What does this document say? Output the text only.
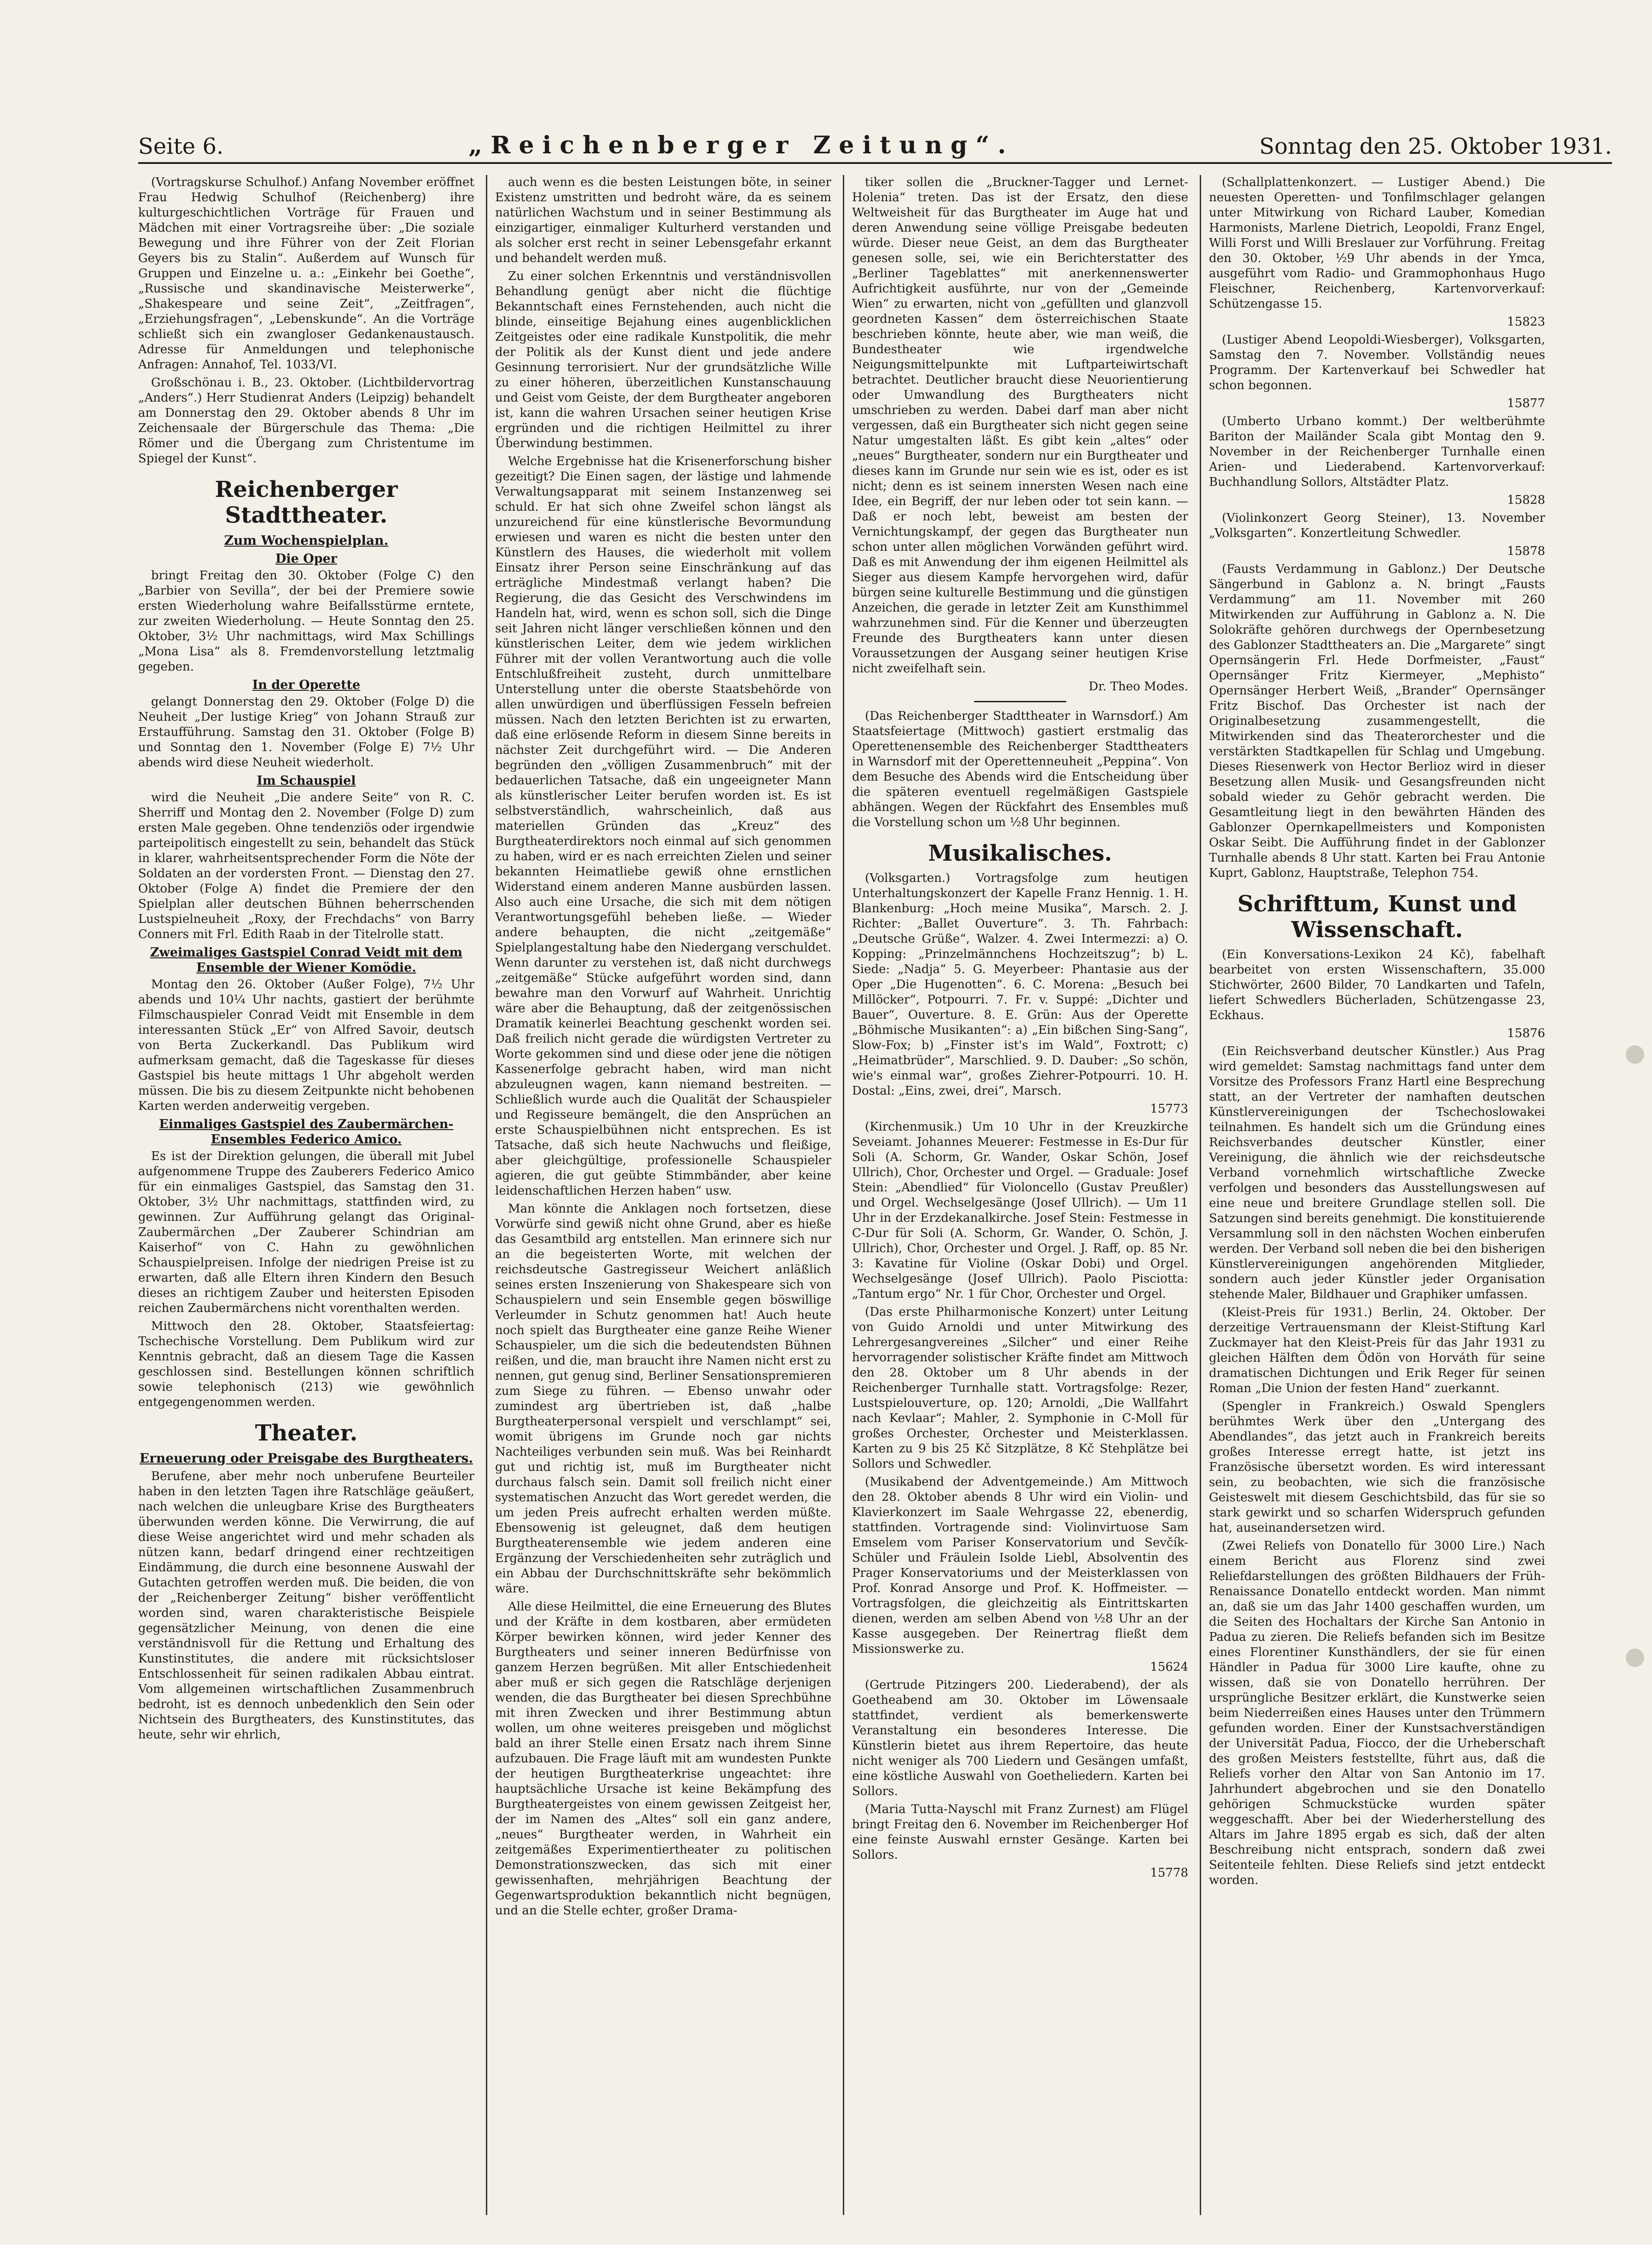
Seite 6.	„Reichenberger Zeitung“.	Sonntag den 25. Oktober 1931.

(Vortragskurse Schulhof.) Anfang November eröffnet Frau Hedwig Schulhof (Reichenberg) ihre kulturgeschichtlichen Vorträge für Frauen und Mädchen mit einer Vortragsreihe über: „Die soziale Bewegung und ihre Führer von der Zeit Florian Geyers bis zu Stalin“. Außerdem auf Wunsch für Gruppen und Einzelne u. a.: „Einkehr bei Goethe“, „Russische und skandinavische Meisterwerke“, „Shakespeare und seine Zeit“, „Zeitfragen“, „Erziehungsfragen“, „Lebenskunde“. An die Vorträge schließt sich ein zwangloser Gedankenaustausch. Adresse für Anmeldungen und telephonische Anfragen: Annahof, Tel. 1033/VI.

Großschönau i. B., 23. Oktober. (Lichtbildervortrag „Anders“.) Herr Studienrat Anders (Leipzig) behandelt am Donnerstag den 29. Oktober abends 8 Uhr im Zeichensaale der Bürgerschule das Thema: „Die Römer und die Übergang zum Christentume im Spiegel der Kunst“.

Reichenberger Stadttheater.
Zum Wochenspielplan.
Die Oper

bringt Freitag den 30. Oktober (Folge C) den „Barbier von Sevilla“, der bei der Premiere sowie ersten Wiederholung wahre Beifallsstürme erntete, zur zweiten Wiederholung. — Heute Sonntag den 25. Oktober, 3½ Uhr nachmittags, wird Max Schillings „Mona Lisa“ als 8. Fremdenvorstellung letztmalig gegeben.

In der Operette

gelangt Donnerstag den 29. Oktober (Folge D) die Neuheit „Der lustige Krieg“ von Johann Strauß zur Erstaufführung. Samstag den 31. Oktober (Folge B) und Sonntag den 1. November (Folge E) 7½ Uhr abends wird diese Neuheit wiederholt.

Im Schauspiel

wird die Neuheit „Die andere Seite“ von R. C. Sherriff und Montag den 2. November (Folge D) zum ersten Male gegeben. Ohne tendenziös oder irgendwie parteipolitisch eingestellt zu sein, behandelt das Stück in klarer, wahrheitsentsprechender Form die Nöte der Soldaten an der vordersten Front. — Dienstag den 27. Oktober (Folge A) findet die Premiere der den Spielplan aller deutschen Bühnen beherrschenden Lustspielneuheit „Roxy, der Frechdachs“ von Barry Conners mit Frl. Edith Raab in der Titelrolle statt.

Zweimaliges Gastspiel Conrad Veidt mit dem Ensemble der Wiener Komödie.

Montag den 26. Oktober (Außer Folge), 7½ Uhr abends und 10¼ Uhr nachts, gastiert der berühmte Filmschauspieler Conrad Veidt mit Ensemble in dem interessanten Stück „Er“ von Alfred Savoir, deutsch von Berta Zuckerkandl. Das Publikum wird aufmerksam gemacht, daß die Tageskasse für dieses Gastspiel bis heute mittags 1 Uhr abgeholt werden müssen. Die bis zu diesem Zeitpunkte nicht behobenen Karten werden anderweitig vergeben.

Einmaliges Gastspiel des Zaubermärchen-Ensembles Federico Amico.

Es ist der Direktion gelungen, die überall mit Jubel aufgenommene Truppe des Zauberers Federico Amico für ein einmaliges Gastspiel, das Samstag den 31. Oktober, 3½ Uhr nachmittags, stattfinden wird, zu gewinnen. Zur Aufführung gelangt das Original-Zaubermärchen „Der Zauberer Schindrian am Kaiserhof“ von C. Hahn zu gewöhnlichen Schauspielpreisen. Infolge der niedrigen Preise ist zu erwarten, daß alle Eltern ihren Kindern den Besuch dieses an richtigem Zauber und heitersten Episoden reichen Zaubermärchens nicht vorenthalten werden.

Mittwoch den 28. Oktober, Staatsfeiertag: Tschechische Vorstellung. Dem Publikum wird zur Kenntnis gebracht, daß an diesem Tage die Kassen geschlossen sind. Bestellungen können schriftlich sowie telephonisch (213) wie gewöhnlich entgegengenommen werden.

Theater.
Erneuerung oder Preisgabe des Burgtheaters.

Berufene, aber mehr noch unberufene Beurteiler haben in den letzten Tagen ihre Ratschläge geäußert, nach welchen die unleugbare Krise des Burgtheaters überwunden werden könne. Die Verwirrung, die auf diese Weise angerichtet wird und mehr schaden als nützen kann, bedarf dringend einer rechtzeitigen Eindämmung, die durch eine besonnene Auswahl der Gutachten getroffen werden muß. Die beiden, die von der „Reichenberger Zeitung“ bisher veröffentlicht worden sind, waren charakteristische Beispiele gegensätzlicher Meinung, von denen die eine verständnisvoll für die Rettung und Erhaltung des Kunstinstitutes, die andere mit rücksichtsloser Entschlossenheit für seinen radikalen Abbau eintrat. Vom allgemeinen wirtschaftlichen Zusammenbruch bedroht, ist es dennoch unbedenklich den Sein oder Nichtsein des Burgtheaters, des Kunstinstitutes, das heute, sehr wir ehrlich,

auch wenn es die besten Leistungen böte, in seiner Existenz umstritten und bedroht wäre, da es seinem natürlichen Wachstum und in seiner Bestimmung als einzigartiger, einmaliger Kulturherd verstanden und als solcher erst recht in seiner Lebensgefahr erkannt und behandelt werden muß.

Zu einer solchen Erkenntnis und verständnisvollen Behandlung genügt aber nicht die flüchtige Bekanntschaft eines Fernstehenden, auch nicht die blinde, einseitige Bejahung eines augenblicklichen Zeitgeistes oder eine radikale Kunstpolitik, die mehr der Politik als der Kunst dient und jede andere Gesinnung terrorisiert. Nur der grundsätzliche Wille zu einer höheren, überzeitlichen Kunstanschauung und Geist vom Geiste, der dem Burgtheater angeboren ist, kann die wahren Ursachen seiner heutigen Krise ergründen und die richtigen Heilmittel zu ihrer Überwindung bestimmen.

Welche Ergebnisse hat die Krisenerforschung bisher gezeitigt? Die Einen sagen, der lästige und lahmende Verwaltungsapparat mit seinem Instanzenweg sei schuld. Er hat sich ohne Zweifel schon längst als unzureichend für eine künstlerische Bevormundung erwiesen und waren es nicht die besten unter den Künstlern des Hauses, die wiederholt mit vollem Einsatz ihrer Person seine Einschränkung auf das erträgliche Mindestmaß verlangt haben? Die Regierung, die das Gesicht des Verschwindens im Handeln hat, wird, wenn es schon soll, sich die Dinge seit Jahren nicht länger verschließen können und den künstlerischen Leiter, dem wie jedem wirklichen Führer mit der vollen Verantwortung auch die volle Entschlußfreiheit zusteht, durch unmittelbare Unterstellung unter die oberste Staatsbehörde von allen unwürdigen und überflüssigen Fesseln befreien müssen. Nach den letzten Berichten ist zu erwarten, daß eine erlösende Reform in diesem Sinne bereits in nächster Zeit durchgeführt wird. — Die Anderen begründen den „völligen Zusammenbruch“ mit der bedauerlichen Tatsache, daß ein ungeeigneter Mann als künstlerischer Leiter berufen worden ist. Es ist selbstverständlich, wahrscheinlich, daß aus materiellen Gründen das „Kreuz“ des Burgtheaterdirektors noch einmal auf sich genommen zu haben, wird er es nach erreichten Zielen und seiner bekannten Heimatliebe gewiß ohne ernstlichen Widerstand einem anderen Manne ausbürden lassen. Also auch eine Ursache, die sich mit dem nötigen Verantwortungsgefühl beheben ließe. — Wieder andere behaupten, die nicht „zeitgemäße“ Spielplangestaltung habe den Niedergang verschuldet. Wenn darunter zu verstehen ist, daß nicht durchwegs „zeitgemäße“ Stücke aufgeführt worden sind, dann bewahre man den Vorwurf auf Wahrheit. Unrichtig wäre aber die Behauptung, daß der zeitgenössischen Dramatik keinerlei Beachtung geschenkt worden sei. Daß freilich nicht gerade die würdigsten Vertreter zu Worte gekommen sind und diese oder jene die nötigen Kassenerfolge gebracht haben, wird man nicht abzuleugnen wagen, kann niemand bestreiten. — Schließlich wurde auch die Qualität der Schauspieler und Regisseure bemängelt, die den Ansprüchen an erste Schauspielbühnen nicht entsprechen. Es ist Tatsache, daß sich heute Nachwuchs und fleißige, aber gleichgültige, professionelle Schauspieler agieren, die gut geübte Stimmbänder, aber keine leidenschaftlichen Herzen haben“ usw.

Man könnte die Anklagen noch fortsetzen, diese Vorwürfe sind gewiß nicht ohne Grund, aber es hieße das Gesamtbild arg entstellen. Man erinnere sich nur an die begeisterten Worte, mit welchen der reichsdeutsche Gastregisseur Weichert anläßlich seines ersten Inszenierung von Shakespeare sich von Schauspielern und sein Ensemble gegen böswillige Verleumder in Schutz genommen hat! Auch heute noch spielt das Burgtheater eine ganze Reihe Wiener Schauspieler, um die sich die bedeutendsten Bühnen reißen, und die, man braucht ihre Namen nicht erst zu nennen, gut genug sind, Berliner Sensationspremieren zum Siege zu führen. — Ebenso unwahr oder zumindest arg übertrieben ist, daß „halbe Burgtheaterpersonal verspielt und verschlampt“ sei, womit übrigens im Grunde noch gar nichts Nachteiliges verbunden sein muß. Was bei Reinhardt gut und richtig ist, muß im Burgtheater nicht durchaus falsch sein. Damit soll freilich nicht einer systematischen Anzucht das Wort geredet werden, die um jeden Preis aufrecht erhalten werden müßte. Ebensowenig ist geleugnet, daß dem heutigen Burgtheaterensemble wie jedem anderen eine Ergänzung der Verschiedenheiten sehr zuträglich und ein Abbau der Durchschnittskräfte sehr bekömmlich wäre.

Alle diese Heilmittel, die eine Erneuerung des Blutes und der Kräfte in dem kostbaren, aber ermüdeten Körper bewirken können, wird jeder Kenner des Burgtheaters und seiner inneren Bedürfnisse von ganzem Herzen begrüßen. Mit aller Entschiedenheit aber muß er sich gegen die Ratschläge derjenigen wenden, die das Burgtheater bei diesen Sprechbühne mit ihren Zwecken und ihrer Bestimmung abtun wollen, um ohne weiteres preisgeben und möglichst bald an ihrer Stelle einen Ersatz nach ihrem Sinne aufzubauen. Die Frage läuft mit am wundesten Punkte der heutigen Burgtheaterkrise ungeachtet: ihre hauptsächliche Ursache ist keine Bekämpfung des Burgtheatergeistes von einem gewissen Zeitgeist her, der im Namen des „Altes“ soll ein ganz andere, „neues“ Burgtheater werden, in Wahrheit ein zeitgemäßes Experimentiertheater zu politischen Demonstrationszwecken, das sich mit einer gewissenhaften, mehrjährigen Beachtung der Gegenwartsproduktion bekanntlich nicht begnügen, und an die Stelle echter, großer Drama-

tiker sollen die „Bruckner-Tagger und Lernet-Holenia“ treten. Das ist der Ersatz, den diese Weltweisheit für das Burgtheater im Auge hat und deren Anwendung seine völlige Preisgabe bedeuten würde. Dieser neue Geist, an dem das Burgtheater genesen solle, sei, wie ein Berichterstatter des „Berliner Tageblattes“ mit anerkennenswerter Aufrichtigkeit ausführte, nur von der „Gemeinde Wien“ zu erwarten, nicht von „gefüllten und glanzvoll geordneten Kassen“ dem österreichischen Staate beschrieben könnte, heute aber, wie man weiß, die Bundestheater wie irgendwelche Neigungsmittelpunkte mit Luftparteiwirtschaft betrachtet. Deutlicher braucht diese Neuorientierung oder Umwandlung des Burgtheaters nicht umschrieben zu werden. Dabei darf man aber nicht vergessen, daß ein Burgtheater sich nicht gegen seine Natur umgestalten läßt. Es gibt kein „altes“ oder „neues“ Burgtheater, sondern nur ein Burgtheater und dieses kann im Grunde nur sein wie es ist, oder es ist nicht; denn es ist seinem innersten Wesen nach eine Idee, ein Begriff, der nur leben oder tot sein kann. — Daß er noch lebt, beweist am besten der Vernichtungskampf, der gegen das Burgtheater nun schon unter allen möglichen Vorwänden geführt wird. Daß es mit Anwendung der ihm eigenen Heilmittel als Sieger aus diesem Kampfe hervorgehen wird, dafür bürgen seine kulturelle Bestimmung und die günstigen Anzeichen, die gerade in letzter Zeit am Kunsthimmel wahrzunehmen sind. Für die Kenner und überzeugten Freunde des Burgtheaters kann unter diesen Voraussetzungen der Ausgang seiner heutigen Krise nicht zweifelhaft sein.

Dr. Theo Modes.

(Das Reichenberger Stadttheater in Warnsdorf.) Am Staatsfeiertage (Mittwoch) gastiert erstmalig das Operettenensemble des Reichenberger Stadttheaters in Warnsdorf mit der Operettenneuheit „Peppina“. Von dem Besuche des Abends wird die Entscheidung über die späteren eventuell regelmäßigen Gastspiele abhängen. Wegen der Rückfahrt des Ensembles muß die Vorstellung schon um ½8 Uhr beginnen.

Musikalisches.

(Volksgarten.) Vortragsfolge zum heutigen Unterhaltungskonzert der Kapelle Franz Hennig. 1. H. Blankenburg: „Hoch meine Musika“, Marsch. 2. J. Richter: „Ballet Ouverture“. 3. Th. Fahrbach: „Deutsche Grüße“, Walzer. 4. Zwei Intermezzi: a) O. Kopping: „Prinzelmännchens Hochzeitszug“; b) L. Siede: „Nadja“ 5. G. Meyerbeer: Phantasie aus der Oper „Die Hugenotten“. 6. C. Morena: „Besuch bei Millöcker“, Potpourri. 7. Fr. v. Suppé: „Dichter und Bauer“, Ouverture. 8. E. Grün: Aus der Operette „Böhmische Musikanten“: a) „Ein bißchen Sing-Sang“, Slow-Fox; b) „Finster ist's im Wald“, Foxtrott; c) „Heimatbrüder“, Marschlied. 9. D. Dauber: „So schön, wie's einmal war“, großes Ziehrer-Potpourri. 10. H. Dostal: „Eins, zwei, drei“, Marsch.

15773

(Kirchenmusik.) Um 10 Uhr in der Kreuzkirche Seveiamt. Johannes Meuerer: Festmesse in Es-Dur für Soli (A. Schorm, Gr. Wander, Oskar Schön, Josef Ullrich), Chor, Orchester und Orgel. — Graduale: Josef Stein: „Abendlied“ für Violoncello (Gustav Preußler) und Orgel. Wechselgesänge (Josef Ullrich). — Um 11 Uhr in der Erzdekanalkirche. Josef Stein: Festmesse in C-Dur für Soli (A. Schorm, Gr. Wander, O. Schön, J. Ullrich), Chor, Orchester und Orgel. J. Raff, op. 85 Nr. 3: Kavatine für Violine (Oskar Dobi) und Orgel. Wechselgesänge (Josef Ullrich). Paolo Pisciotta: „Tantum ergo“ Nr. 1 für Chor, Orchester und Orgel.

(Das erste Philharmonische Konzert) unter Leitung von Guido Arnoldi und unter Mitwirkung des Lehrergesangvereines „Silcher“ und einer Reihe hervorragender solistischer Kräfte findet am Mittwoch den 28. Oktober um 8 Uhr abends in der Reichenberger Turnhalle statt. Vortragsfolge: Rezer, Lustspielouverture, op. 120; Arnoldi, „Die Wallfahrt nach Kevlaar“; Mahler, 2. Symphonie in C-Moll für großes Orchester, Orchester und Meisterklassen. Karten zu 9 bis 25 Kč Sitzplätze, 8 Kč Stehplätze bei Sollors und Schwedler.

(Musikabend der Adventgemeinde.) Am Mittwoch den 28. Oktober abends 8 Uhr wird ein Violin- und Klavierkonzert im Saale Wehrgasse 22, ebenerdig, stattfinden. Vortragende sind: Violinvirtuose Sam Emselem vom Pariser Konservatorium und Sevčík-Schüler und Fräulein Isolde Liebl, Absolventin des Prager Konservatoriums und der Meisterklassen von Prof. Konrad Ansorge und Prof. K. Hoffmeister. — Vortragsfolgen, die gleichzeitig als Eintrittskarten dienen, werden am selben Abend von ½8 Uhr an der Kasse ausgegeben. Der Reinertrag fließt dem Missionswerke zu.

15624

(Gertrude Pitzingers 200. Liederabend), der als Goetheabend am 30. Oktober im Löwensaale stattfindet, verdient als bemerkenswerte Veranstaltung ein besonderes Interesse. Die Künstlerin bietet aus ihrem Repertoire, das heute nicht weniger als 700 Liedern und Gesängen umfaßt, eine köstliche Auswahl von Goetheliedern. Karten bei Sollors.

(Maria Tutta-Nayschl mit Franz Zurnest) am Flügel bringt Freitag den 6. November im Reichenberger Hof eine feinste Auswahl ernster Gesänge. Karten bei Sollors.

15778

(Schallplattenkonzert. — Lustiger Abend.) Die neuesten Operetten- und Tonfilmschlager gelangen unter Mitwirkung von Richard Lauber, Komedian Harmonists, Marlene Dietrich, Leopoldi, Franz Engel, Willi Forst und Willi Breslauer zur Vorführung. Freitag den 30. Oktober, ½9 Uhr abends in der Ymca, ausgeführt vom Radio- und Grammophonhaus Hugo Fleischner, Reichenberg, Kartenvorverkauf: Schützengasse 15.

15823

(Lustiger Abend Leopoldi-Wiesberger), Volksgarten, Samstag den 7. November. Vollständig neues Programm. Der Kartenverkauf bei Schwedler hat schon begonnen.

15877

(Umberto Urbano kommt.) Der weltberühmte Bariton der Mailänder Scala gibt Montag den 9. November in der Reichenberger Turnhalle einen Arien- und Liederabend. Kartenvorverkauf: Buchhandlung Sollors, Altstädter Platz.

15828

(Violinkonzert Georg Steiner), 13. November „Volksgarten“. Konzertleitung Schwedler.

15878

(Fausts Verdammung in Gablonz.) Der Deutsche Sängerbund in Gablonz a. N. bringt „Fausts Verdammung“ am 11. November mit 260 Mitwirkenden zur Aufführung in Gablonz a. N. Die Solokräfte gehören durchwegs der Opernbesetzung des Gablonzer Stadttheaters an. Die „Margarete“ singt Opernsängerin Frl. Hede Dorfmeister, „Faust“ Opernsänger Fritz Kiermeyer, „Mephisto“ Opernsänger Herbert Weiß, „Brander“ Opernsänger Fritz Bischof. Das Orchester ist nach der Originalbesetzung zusammengestellt, die Mitwirkenden sind das Theaterorchester und die verstärkten Stadtkapellen für Schlag und Umgebung. Dieses Riesenwerk von Hector Berlioz wird in dieser Besetzung allen Musik- und Gesangsfreunden nicht sobald wieder zu Gehör gebracht werden. Die Gesamtleitung liegt in den bewährten Händen des Gablonzer Opernkapellmeisters und Komponisten Oskar Seibt. Die Aufführung findet in der Gablonzer Turnhalle abends 8 Uhr statt. Karten bei Frau Antonie Kuprt, Gablonz, Hauptstraße, Telephon 754.

Schrifttum, Kunst und Wissenschaft.

(Ein Konversations-Lexikon 24 Kč), fabelhaft bearbeitet von ersten Wissenschaftern, 35.000 Stichwörter, 2600 Bilder, 70 Landkarten und Tafeln, liefert Schwedlers Bücherladen, Schützengasse 23, Eckhaus.

15876

(Ein Reichsverband deutscher Künstler.) Aus Prag wird gemeldet: Samstag nachmittags fand unter dem Vorsitze des Professors Franz Hartl eine Besprechung statt, an der Vertreter der namhaften deutschen Künstlervereinigungen der Tschechoslowakei teilnahmen. Es handelt sich um die Gründung eines Reichsverbandes deutscher Künstler, einer Vereinigung, die ähnlich wie der reichsdeutsche Verband vornehmlich wirtschaftliche Zwecke verfolgen und besonders das Ausstellungswesen auf eine neue und breitere Grundlage stellen soll. Die Satzungen sind bereits genehmigt. Die konstituierende Versammlung soll in den nächsten Wochen einberufen werden. Der Verband soll neben die bei den bisherigen Künstlervereinigungen angehörenden Mitglieder, sondern auch jeder Künstler jeder Organisation stehende Maler, Bildhauer und Graphiker umfassen.

(Kleist-Preis für 1931.) Berlin, 24. Oktober. Der derzeitige Vertrauensmann der Kleist-Stiftung Karl Zuckmayer hat den Kleist-Preis für das Jahr 1931 zu gleichen Hälften dem Ödön von Horváth für seine dramatischen Dichtungen und Erik Reger für seinen Roman „Die Union der festen Hand“ zuerkannt.

(Spengler in Frankreich.) Oswald Spenglers berühmtes Werk über den „Untergang des Abendlandes“, das jetzt auch in Frankreich bereits großes Interesse erregt hatte, ist jetzt ins Französische übersetzt worden. Es wird interessant sein, zu beobachten, wie sich die französische Geisteswelt mit diesem Geschichtsbild, das für sie so stark gewirkt und so scharfen Widerspruch gefunden hat, auseinandersetzen wird.

(Zwei Reliefs von Donatello für 3000 Lire.) Nach einem Bericht aus Florenz sind zwei Reliefdarstellungen des größten Bildhauers der Früh-Renaissance Donatello entdeckt worden. Man nimmt an, daß sie um das Jahr 1400 geschaffen wurden, um die Seiten des Hochaltars der Kirche San Antonio in Padua zu zieren. Die Reliefs befanden sich im Besitze eines Florentiner Kunsthändlers, der sie für einen Händler in Padua für 3000 Lire kaufte, ohne zu wissen, daß sie von Donatello herrühren. Der ursprüngliche Besitzer erklärt, die Kunstwerke seien beim Niederreißen eines Hauses unter den Trümmern gefunden worden. Einer der Kunstsachverständigen der Universität Padua, Fiocco, der die Urheberschaft des großen Meisters feststellte, führt aus, daß die Reliefs vorher den Altar von San Antonio im 17. Jahrhundert abgebrochen und sie den Donatello gehörigen Schmuckstücke wurden später weggeschafft. Aber bei der Wiederherstellung des Altars im Jahre 1895 ergab es sich, daß der alten Beschreibung nicht entsprach, sondern daß zwei Seitenteile fehlten. Diese Reliefs sind jetzt entdeckt worden.
